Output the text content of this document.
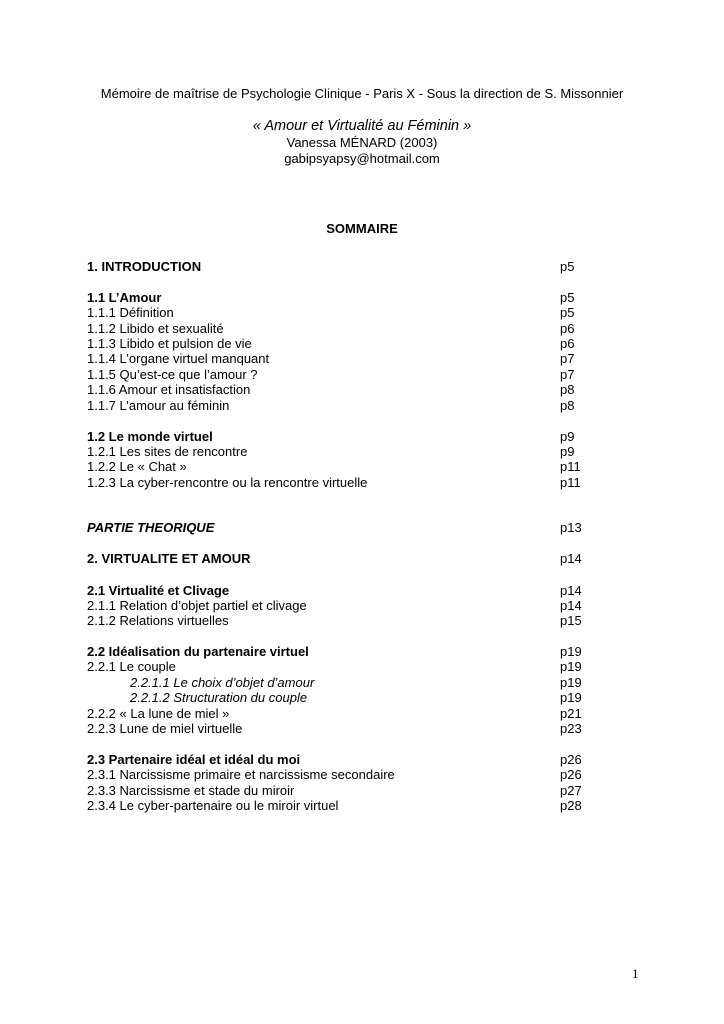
Mémoire de maîtrise de Psychologie Clinique - Paris X - Sous la direction de S. Missonnier
« Amour et Virtualité au Féminin »
Vanessa MÉNARD (2003)
gabipsyapsy@hotmail.com
SOMMAIRE
1. INTRODUCTION	p5
1.1 L’Amour	p5
1.1.1 Définition	p5
1.1.2 Libido et sexualité	p6
1.1.3 Libido et pulsion de vie	p6
1.1.4 L’organe virtuel manquant	p7
1.1.5 Qu’est-ce que l’amour ?	p7
1.1.6 Amour et insatisfaction	p8
1.1.7 L’amour au féminin	p8
1.2 Le monde virtuel	p9
1.2.1 Les sites de rencontre	p9
1.2.2 Le « Chat »	p11
1.2.3 La cyber-rencontre ou la rencontre virtuelle	p11
PARTIE THEORIQUE	p13
2. VIRTUALITE ET AMOUR	p14
2.1 Virtualité et Clivage	p14
2.1.1 Relation d’objet partiel et clivage	p14
2.1.2 Relations virtuelles	p15
2.2 Idéalisation du partenaire virtuel	p19
2.2.1 Le couple	p19
2.2.1.1 Le choix d’objet d’amour	p19
2.2.1.2 Structuration du couple	p19
2.2.2 « La lune de miel »	p21
2.2.3 Lune de miel virtuelle	p23
2.3 Partenaire idéal et idéal du moi	p26
2.3.1 Narcissisme primaire et narcissisme secondaire	p26
2.3.3 Narcissisme et stade du miroir	p27
2.3.4 Le cyber-partenaire ou le miroir virtuel	p28
1
